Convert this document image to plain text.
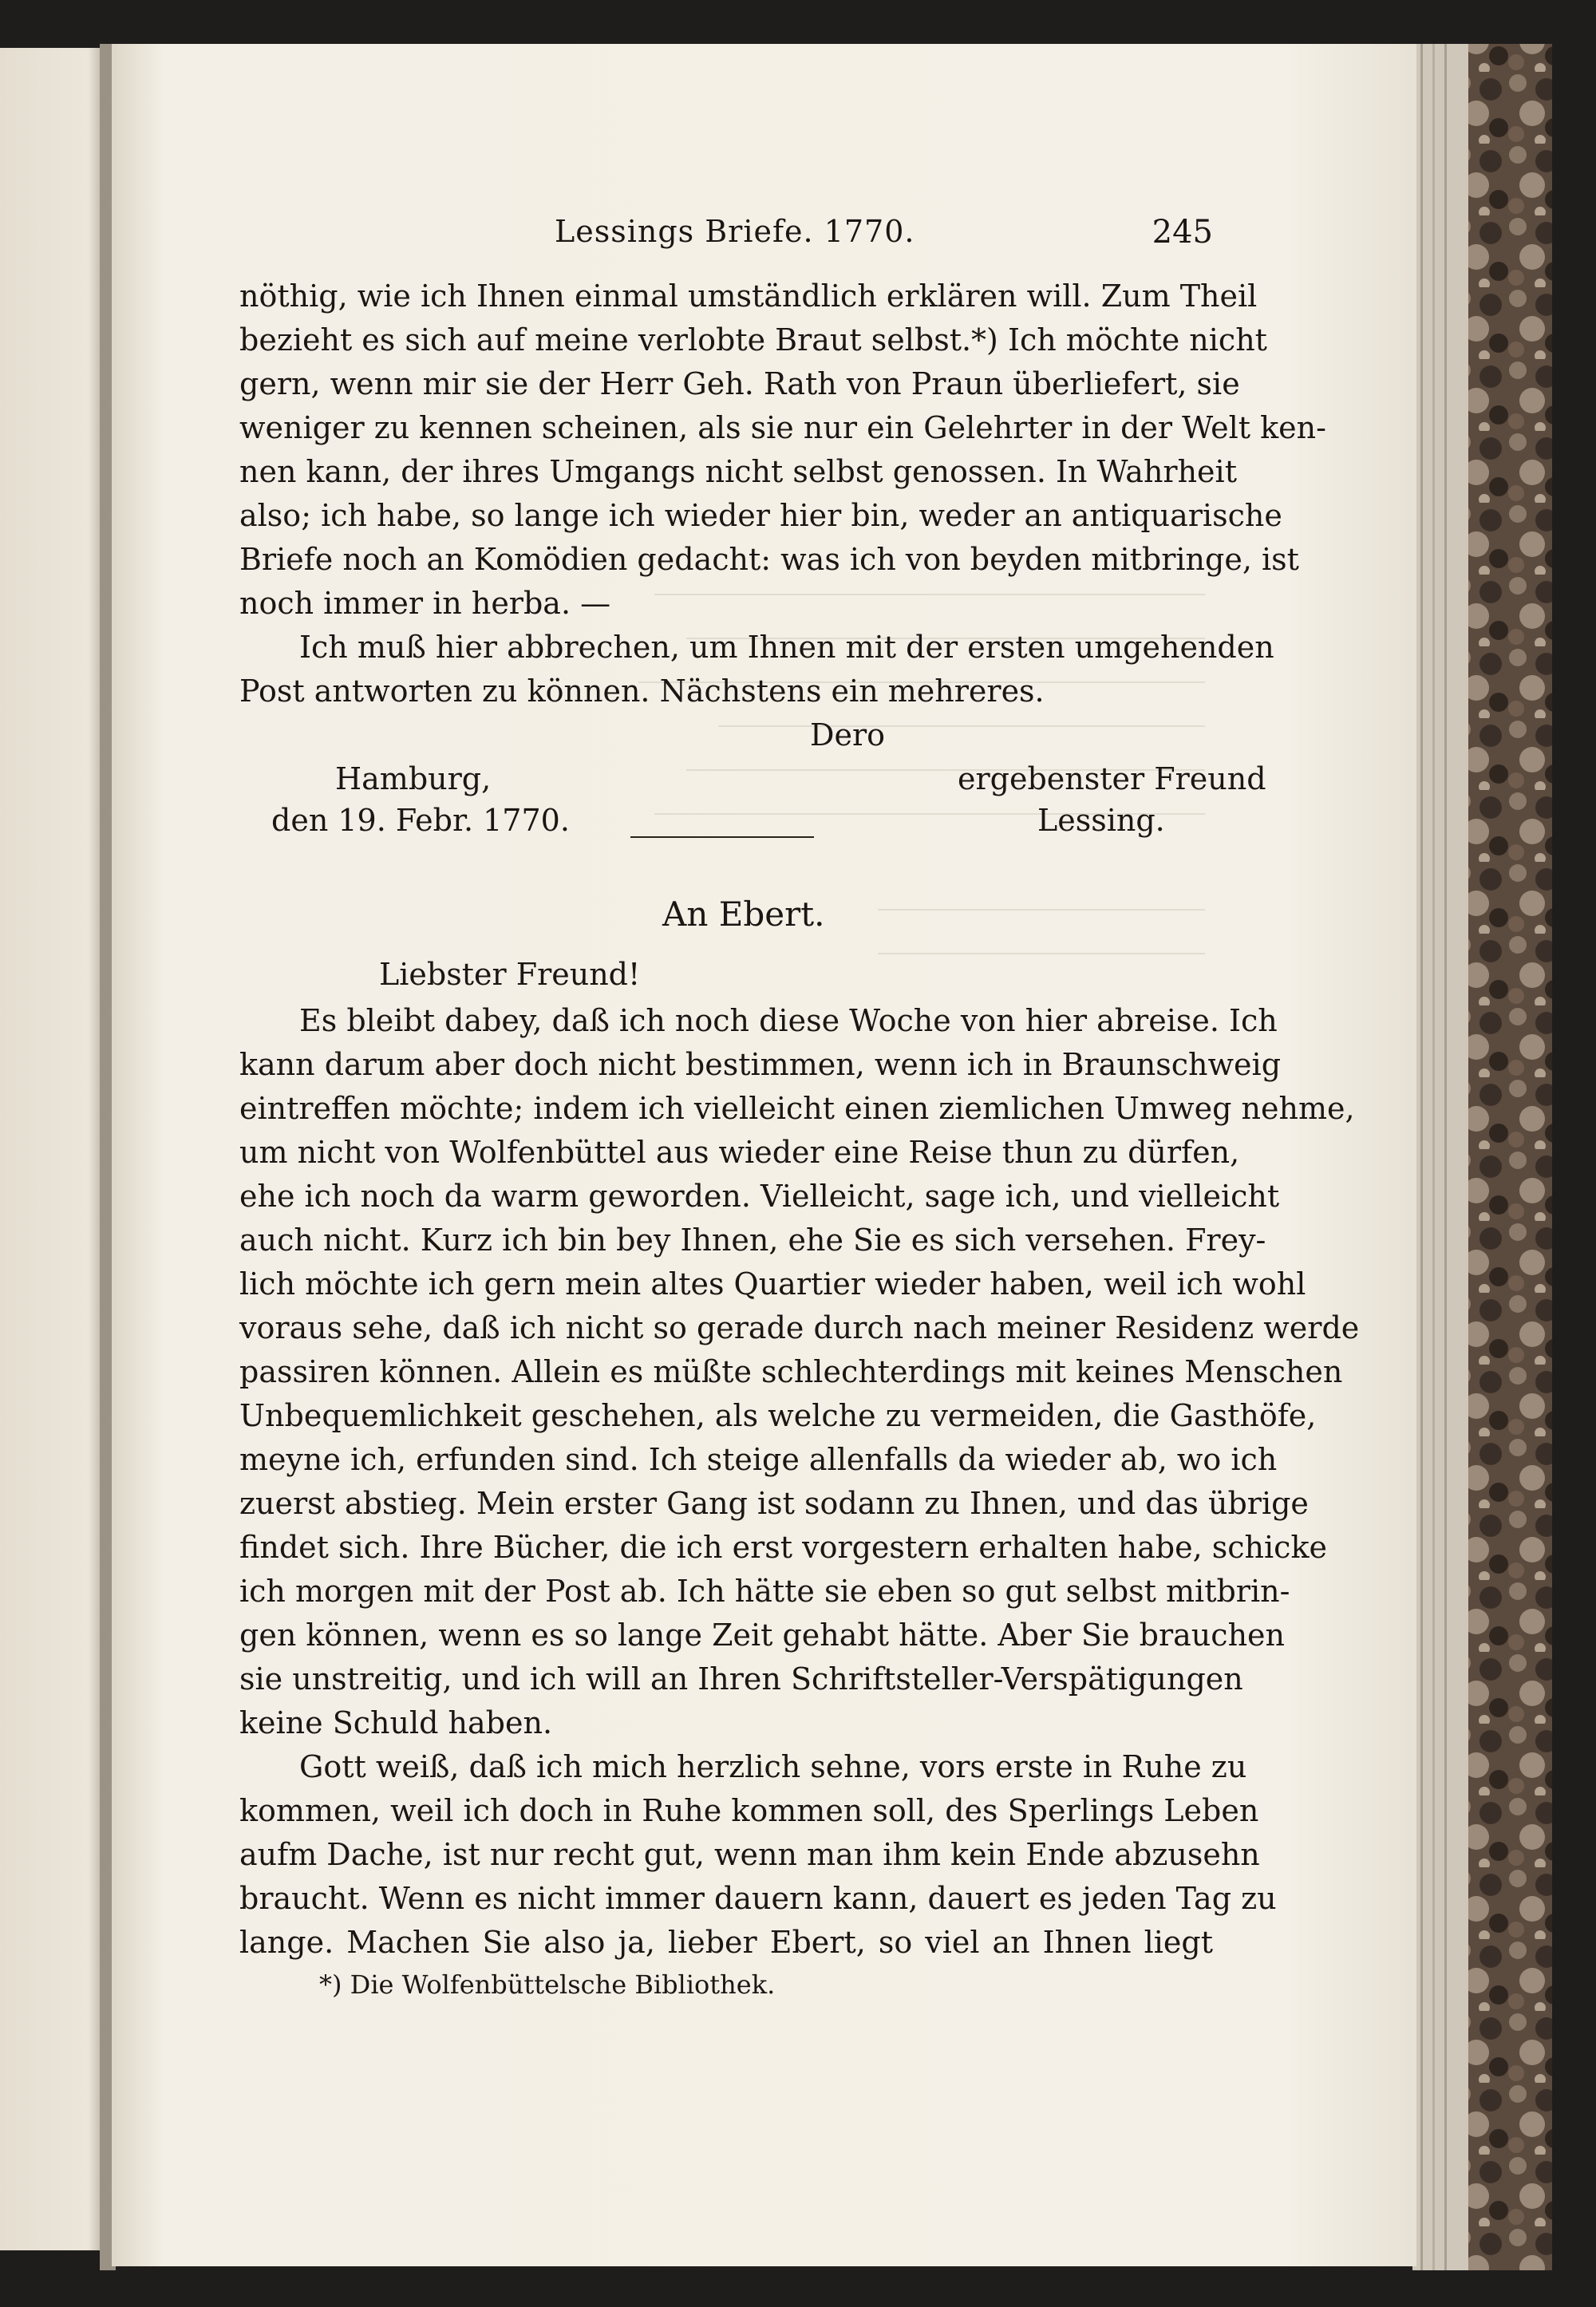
Lessings Briefe. 1770.	245
nöthig, wie ich Ihnen einmal umständlich erklären will. Zum Theil
bezieht es sich auf meine verlobte Braut selbst.*) Ich möchte nicht
gern, wenn mir sie der Herr Geh. Rath von Praun überliefert, sie
weniger zu kennen scheinen, als sie nur ein Gelehrter in der Welt ken-
nen kann, der ihres Umgangs nicht selbst genossen. In Wahrheit
also; ich habe, so lange ich wieder hier bin, weder an antiquarische
Briefe noch an Komödien gedacht: was ich von beyden mitbringe, ist
noch immer in herba. —
Ich muß hier abbrechen, um Ihnen mit der ersten umgehenden
Post antworten zu können. Nächstens ein mehreres.
Dero
Hamburg,	ergebenster Freund
den 19. Febr. 1770.	Lessing.
An Ebert.
Liebster Freund!
Es bleibt dabey, daß ich noch diese Woche von hier abreise. Ich
kann darum aber doch nicht bestimmen, wenn ich in Braunschweig
eintreffen möchte; indem ich vielleicht einen ziemlichen Umweg nehme,
um nicht von Wolfenbüttel aus wieder eine Reise thun zu dürfen,
ehe ich noch da warm geworden. Vielleicht, sage ich, und vielleicht
auch nicht. Kurz ich bin bey Ihnen, ehe Sie es sich versehen. Frey-
lich möchte ich gern mein altes Quartier wieder haben, weil ich wohl
voraus sehe, daß ich nicht so gerade durch nach meiner Residenz werde
passiren können. Allein es müßte schlechterdings mit keines Menschen
Unbequemlichkeit geschehen, als welche zu vermeiden, die Gasthöfe,
meyne ich, erfunden sind. Ich steige allenfalls da wieder ab, wo ich
zuerst abstieg. Mein erster Gang ist sodann zu Ihnen, und das übrige
findet sich. Ihre Bücher, die ich erst vorgestern erhalten habe, schicke
ich morgen mit der Post ab. Ich hätte sie eben so gut selbst mitbrin-
gen können, wenn es so lange Zeit gehabt hätte. Aber Sie brauchen
sie unstreitig, und ich will an Ihren Schriftsteller-Verspätigungen
keine Schuld haben.
Gott weiß, daß ich mich herzlich sehne, vors erste in Ruhe zu
kommen, weil ich doch in Ruhe kommen soll, des Sperlings Leben
aufm Dache, ist nur recht gut, wenn man ihm kein Ende abzusehn
braucht. Wenn es nicht immer dauern kann, dauert es jeden Tag zu
lange. Machen Sie also ja, lieber Ebert, so viel an Ihnen liegt
*) Die Wolfenbüttelsche Bibliothek.
